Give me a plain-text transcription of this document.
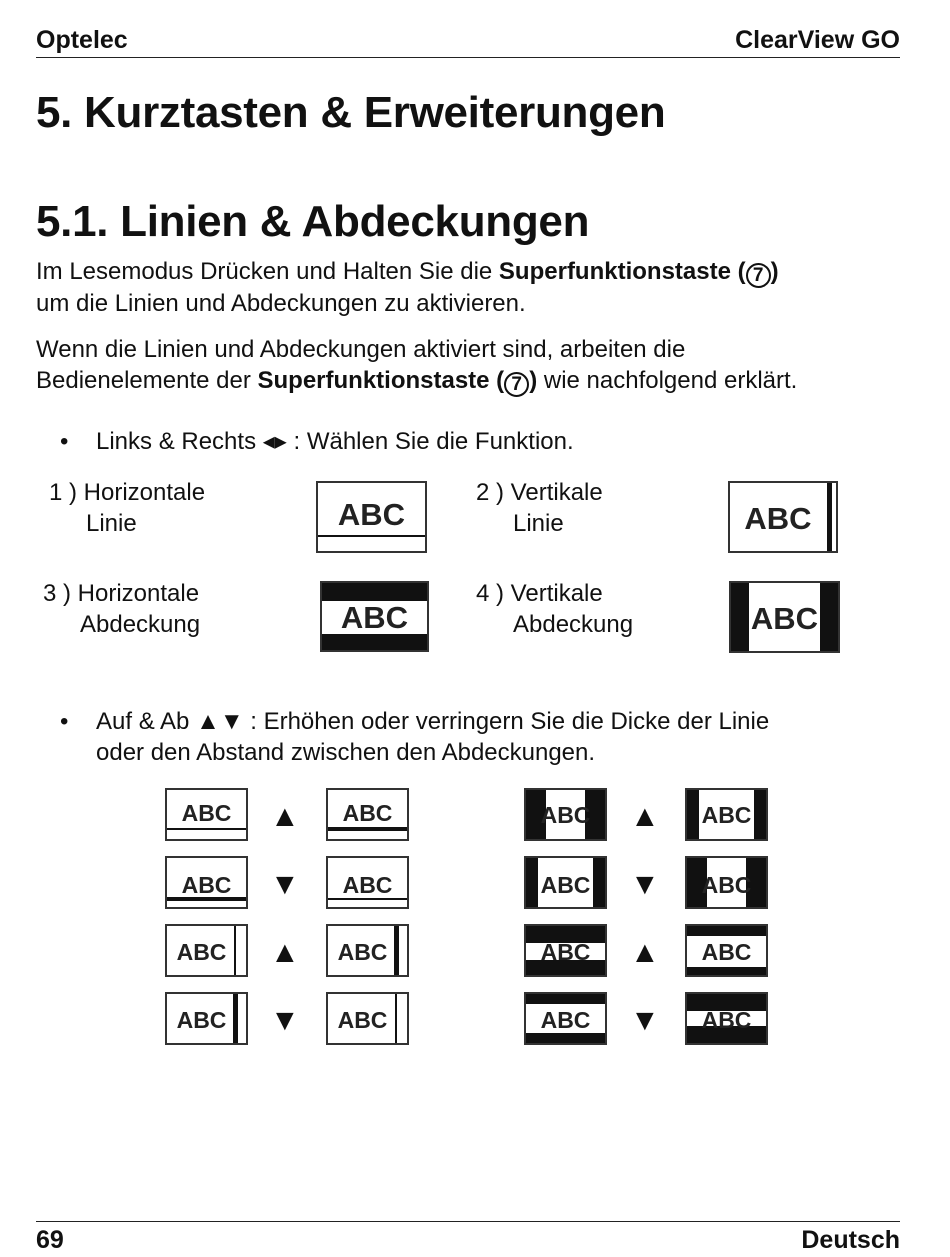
Optelec	ClearView GO
5. Kurztasten & Erweiterungen
5.1. Linien & Abdeckungen
Im Lesemodus Drücken und Halten Sie die Superfunktionstaste ( 7 )
um die Linien und Abdeckungen zu aktivieren.
Wenn die Linien und Abdeckungen aktiviert sind, arbeiten die
Bedienelemente der Superfunktionstaste ( 7 ) wie nachfolgend erklärt.
• Links & Rechts ◂▸ : Wählen Sie die Funktion.
1 ) Horizontale
Linie
2 ) Vertikale
Linie
3 ) Horizontale
Abdeckung
4 ) Vertikale
Abdeckung
ABC	ABC
ABC	ABC
• Auf & Ab ▲▼ : Erhöhen oder verringern Sie die Dicke der Linie
oder den Abstand zwischen den Abdeckungen.
ABC	▲	ABC
ABC	▼	ABC
ABC	▲	ABC
ABC	▼	ABC
ABC	▲	ABC
ABC	▼	ABC
ABC	▲	ABC
ABC	▼	ABC
69	Deutsch
